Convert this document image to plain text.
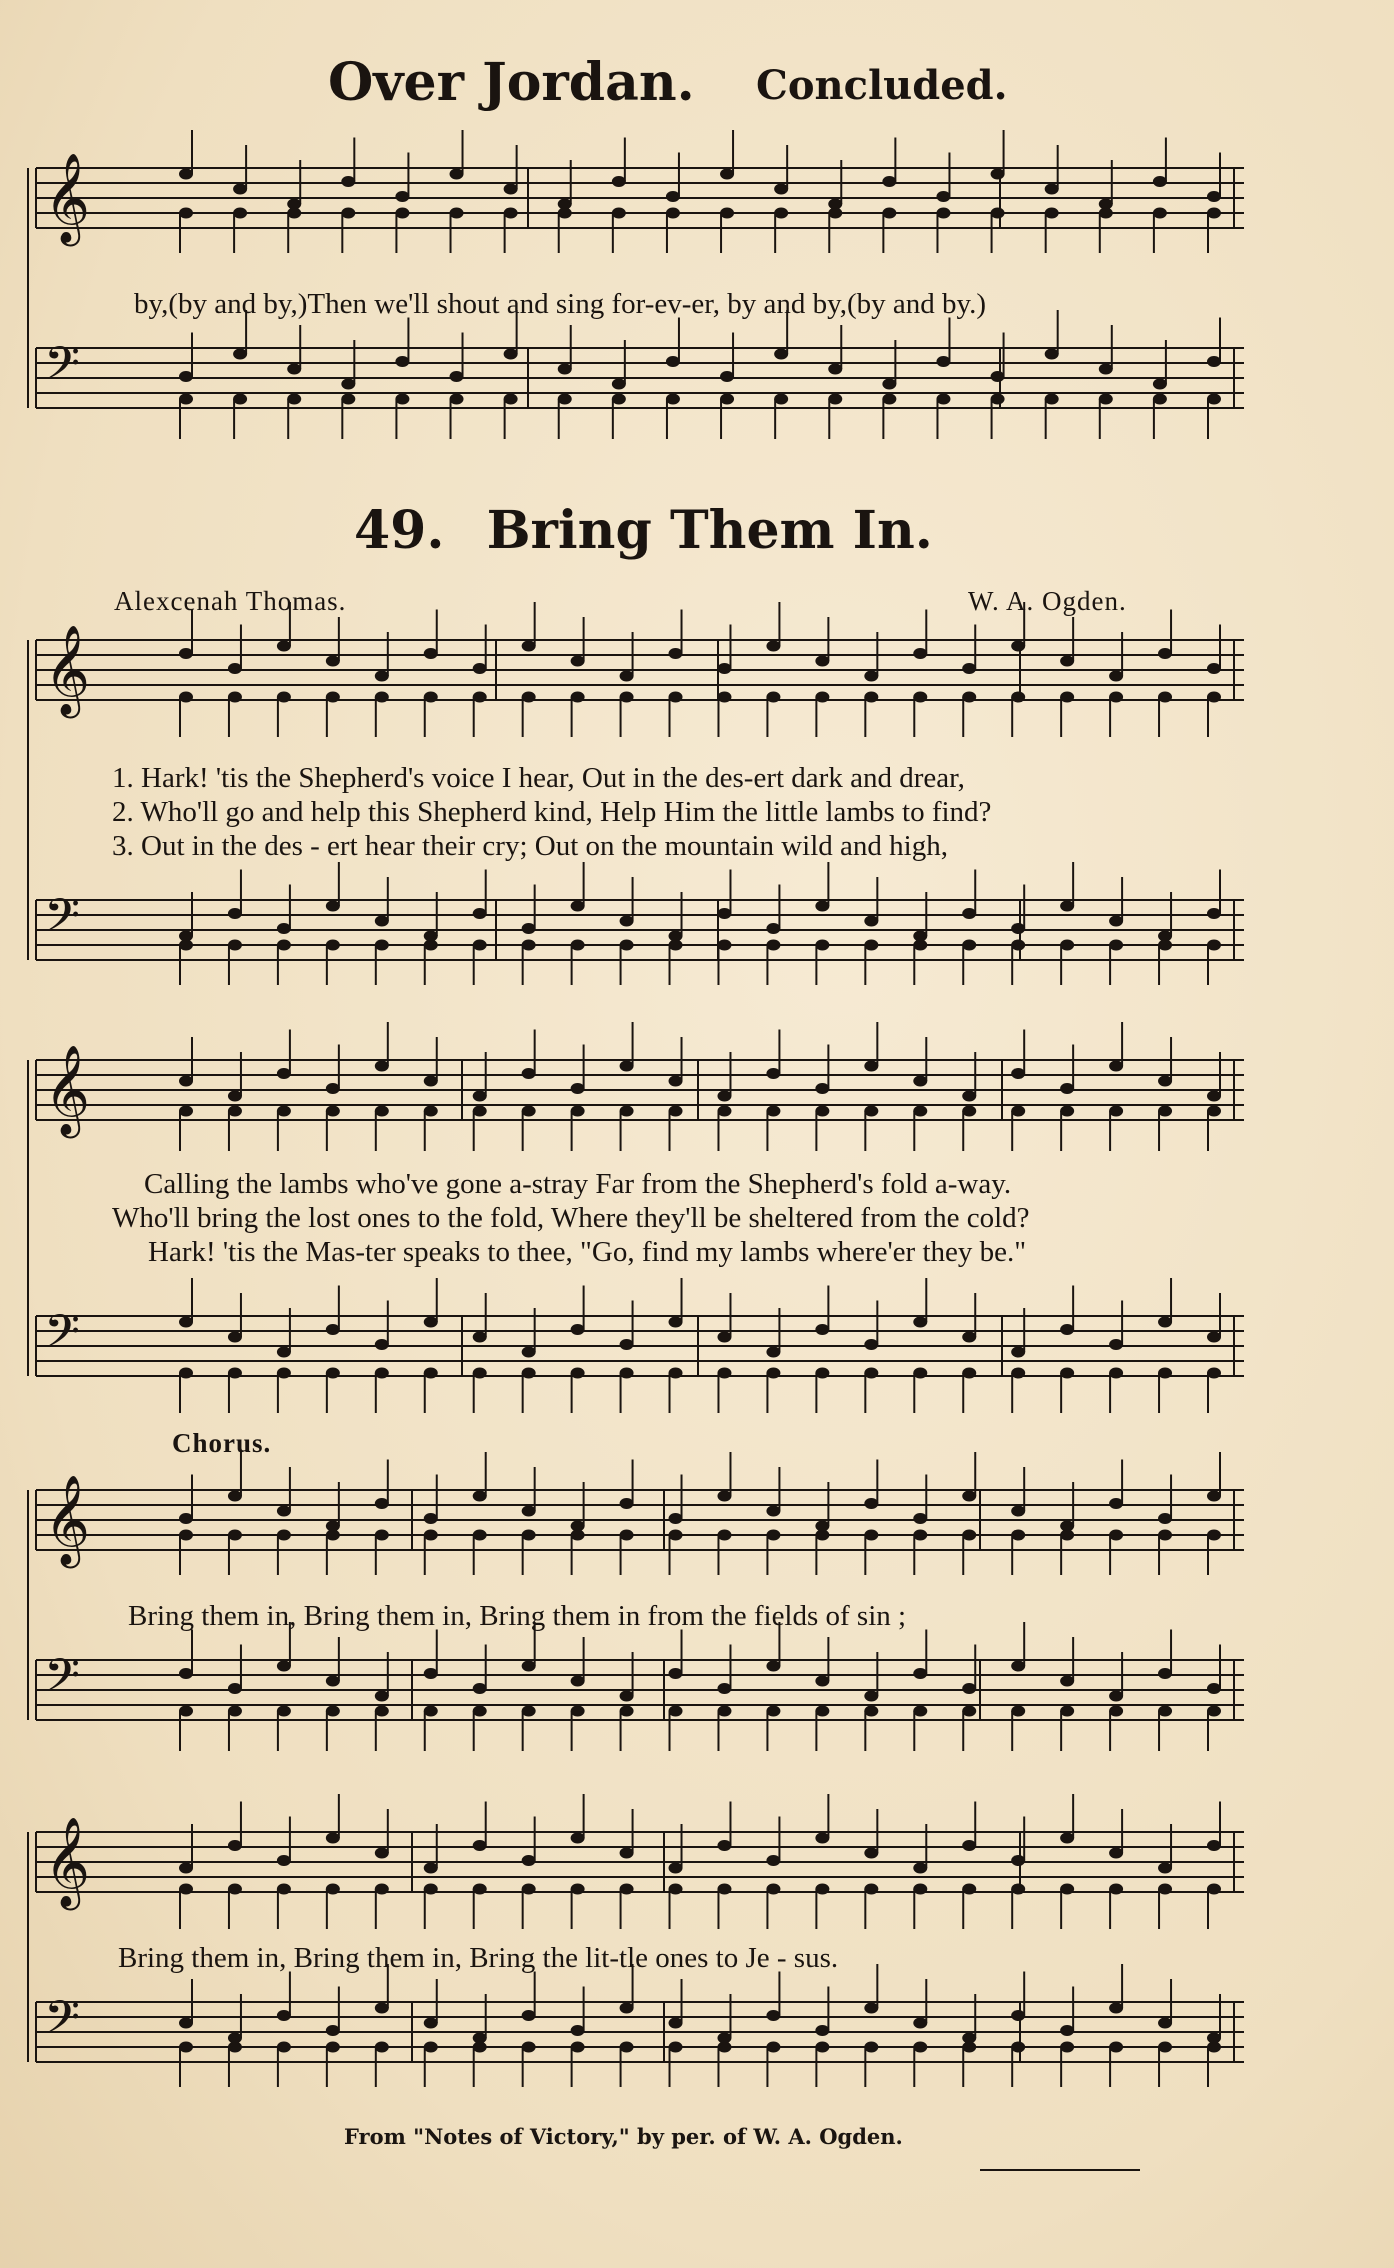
𝄞
𝄢
𝄞
𝄢
𝄞
𝄢
𝄞
𝄢
𝄞
𝄢
Over Jordan. Concluded.
by,(by and by,)Then we'll shout and sing for-ev-er, by and by,(by and by.)
49. Bring Them In.
Alexcenah Thomas.	W. A. Ogden.
1. Hark! 'tis the Shepherd's voice I hear, Out in the des-ert dark and drear,
2. Who'll go and help this Shepherd kind, Help Him the little lambs to find?
3. Out in the des - ert hear their cry; Out on the mountain wild and high,
Calling the lambs who've gone a-stray Far from the Shepherd's fold a-way.
Who'll bring the lost ones to the fold, Where they'll be sheltered from the cold?
Hark! 'tis the Mas-ter speaks to thee, "Go, find my lambs where'er they be."
Chorus.
Bring them in, Bring them in, Bring them in from the fields of sin ;
Bring them in, Bring them in, Bring the lit-tle ones to Je - sus.
From "Notes of Victory," by per. of W. A. Ogden.
